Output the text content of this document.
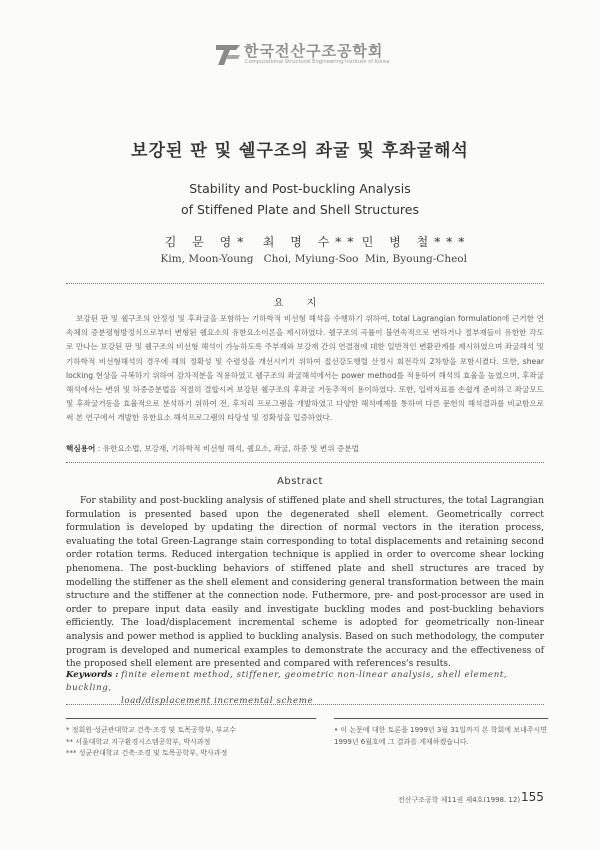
한국전산구조공학회
Computational Structural Engineering Institute of Korea
보강된 판 및 쉘구조의 좌굴 및 후좌굴해석
Stability and Post-buckling Analysis
of Stiffened Plate and Shell Structures
김 문 영*
Kim, Moon-Young
최 명 수**
Choi, Myiung-Soo
민 병 철***
Min, Byoung-Cheol
요 지
보강된 판 및 쉘구조의 안정성 및 후좌굴을 포함하는 기하학적 비선형 해석을 수행하기 위하여, total Lagrangian formulation에 근거한 연속체의 증분평형방정식으로부터 변형된 쉘요소의 유한요소이론을 제시하였다. 쉘구조의 곡률이 불연속적으로 변하거나 절부재들이 유한한 각도로 만나는 보강된 판 및 쉘구조의 비선형 해석이 가능하도록 주부재와 보강재 간의 연결점에 대한 일반적인 변환관계를 제시하였으며 좌굴해석 및 기하학적 비선형해석의 경우에 해의 정확성 및 수렴성을 개선시키기 위하여 접선강도행렬 산정시 회전각의 2차항을 포함시켰다. 또한, shear locking 현상을 극복하기 위하여 감차적분을 적용하였고 쉘구조의 좌굴해석에서는 power method를 적용하여 해석의 효율을 높였으며, 후좌굴해석에서는 변위 및 하중증분법을 적절히 결합시켜 보강된 쉘구조의 후좌굴 거동추적이 용이하였다. 또한, 입력자료를 손쉽게 준비하고 좌굴모드 및 후좌굴거동을 효율적으로 분석하기 위하여 전, 후처리 프로그램을 개발하였고 다양한 해석예제를 통하여 다른 문헌의 해석결과를 비교함으로써 본 연구에서 개발한 유한요소 해석프로그램의 타당성 및 정확성을 입증하였다.
핵심용어 : 유한요소법, 보강재, 기하학적 비선형 해석, 쉘요소, 좌굴, 하중 및 변위 증분법
Abstract
For stability and post-buckling analysis of stiffened plate and shell structures, the total Lagrangian formulation is presented based upon the degenerated shell element. Geometrically correct formulation is developed by updating the direction of normal vectors in the iteration process, evaluating the total Green-Lagrange stain corresponding to total displacements and retaining second order rotation terms. Reduced intergation technique is applied in order to overcome shear locking phenomena. The post-buckling behaviors of stiffened plate and shell structures are traced by modelling the stiffener as the shell element and considering general transformation between the main structure and the stiffener at the connection node. Futhermore, pre- and post-processor are used in order to prepare input data easily and investigate buckling modes and post-buckling behaviors efficiently. The load/displacement incremental scheme is adopted for geometrically non-linear analysis and power method is applied to buckling analysis. Based on such methodology, the computer program is developed and numerical examples to demonstrate the accuracy and the effectiveness of the proposed shell element are presented and compared with references's results.
Keywords : finite element method, stiffener, geometric non-linear analysis, shell element, buckling,
load/displacement incremental scheme
* 정회원·성균관대학교 건축·조경 및 토목공학부, 부교수
** 서울대학교 지구환경시스템공학부, 박사과정
*** 성균관대학교 건축·조경 및 토목공학부, 박사과정
• 이 논문에 대한 토론을 1999년 3월 31일까지 본 학회에 보내주시면 1999년 6월호에 그 결과를 게재하겠습니다.
전산구조공학 제11권 제4호(1998. 12) 155
